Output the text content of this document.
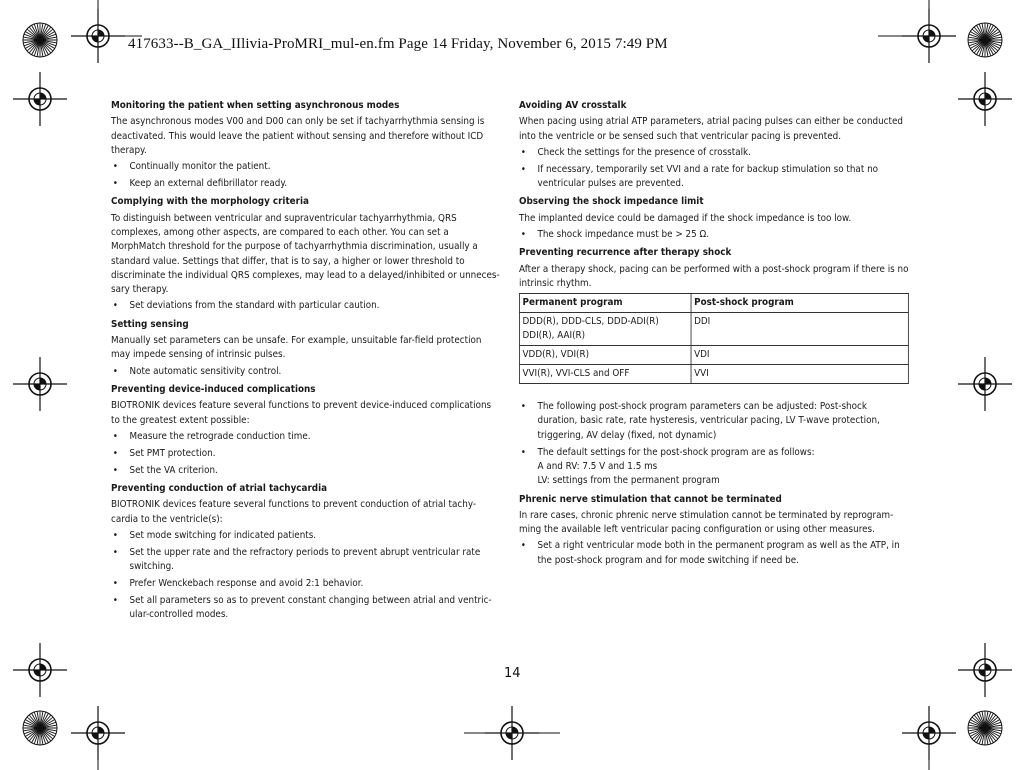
417633--B_GA_IIlivia-ProMRI_mul-en.fm Page 14 Friday, November 6, 2015 7:49 PM
Monitoring the patient when setting asynchronous modes
The asynchronous modes V00 and D00 can only be set if tachyarrhythmia sensing is deactivated. This would leave the patient without sensing and therefore without ICD therapy.
• Continually monitor the patient.
• Keep an external defibrillator ready.
Complying with the morphology criteria
To distinguish between ventricular and supraventricular tachyarrhythmia, QRS complexes, among other aspects, are compared to each other. You can set a MorphMatch threshold for the purpose of tachyarrhythmia discrimination, usually a standard value. Settings that differ, that is to say, a higher or lower threshold to discriminate the individual QRS complexes, may lead to a delayed/inhibited or unneces-sary therapy.
• Set deviations from the standard with particular caution.
Setting sensing
Manually set parameters can be unsafe. For example, unsuitable far-field protection may impede sensing of intrinsic pulses.
• Note automatic sensitivity control.
Preventing device-induced complications
BIOTRONIK devices feature several functions to prevent device-induced complications to the greatest extent possible:
• Measure the retrograde conduction time.
• Set PMT protection.
• Set the VA criterion.
Preventing conduction of atrial tachycardia
BIOTRONIK devices feature several functions to prevent conduction of atrial tachy-cardia to the ventricle(s):
• Set mode switching for indicated patients.
• Set the upper rate and the refractory periods to prevent abrupt ventricular rate switching.
• Prefer Wenckebach response and avoid 2:1 behavior.
• Set all parameters so as to prevent constant changing between atrial and ventric-ular-controlled modes.
Avoiding AV crosstalk
When pacing using atrial ATP parameters, atrial pacing pulses can either be conducted into the ventricle or be sensed such that ventricular pacing is prevented.
• Check the settings for the presence of crosstalk.
• If necessary, temporarily set VVI and a rate for backup stimulation so that no ventricular pulses are prevented.
Observing the shock impedance limit
The implanted device could be damaged if the shock impedance is too low.
• The shock impedance must be > 25 Ω.
Preventing recurrence after therapy shock
After a therapy shock, pacing can be performed with a post-shock program if there is no intrinsic rhythm.
Permanent program	Post-shock program
DDD(R), DDD-CLS, DDD-ADI(R)
DDI(R), AAI(R)	DDI
VDD(R), VDI(R)	VDI
VVI(R), VVI-CLS and OFF	VVI
• The following post-shock program parameters can be adjusted: Post-shock duration, basic rate, rate hysteresis, ventricular pacing, LV T-wave protection, triggering, AV delay (fixed, not dynamic)
• The default settings for the post-shock program are as follows:
A and RV: 7.5 V and 1.5 ms
LV: settings from the permanent program
Phrenic nerve stimulation that cannot be terminated
In rare cases, chronic phrenic nerve stimulation cannot be terminated by reprogram-ming the available left ventricular pacing configuration or using other measures.
• Set a right ventricular mode both in the permanent program as well as the ATP, in the post-shock program and for mode switching if need be.
14
